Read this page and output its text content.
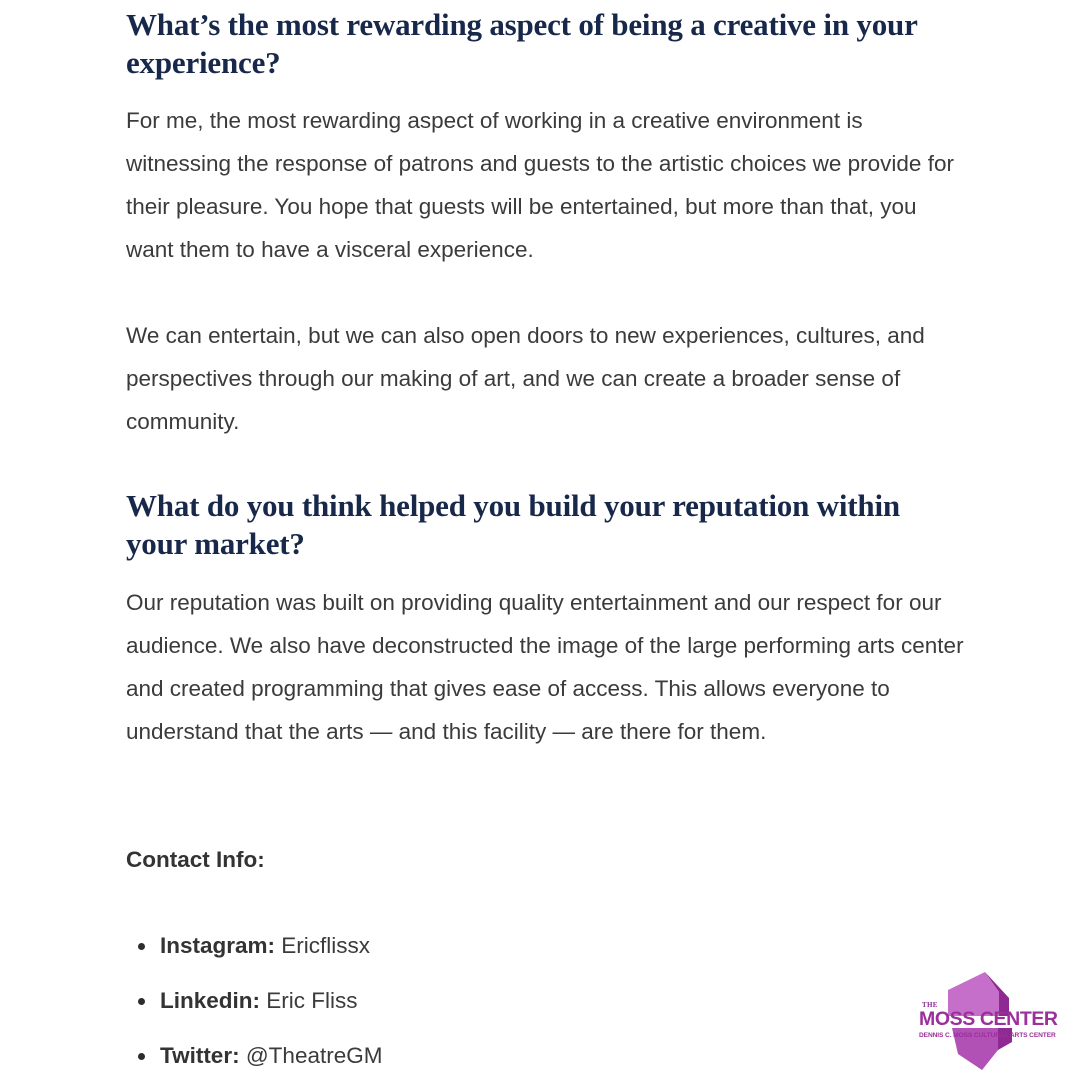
What’s the most rewarding aspect of being a creative in your experience?

For me, the most rewarding aspect of working in a creative environment is witnessing the response of patrons and guests to the artistic choices we provide for their pleasure. You hope that guests will be entertained, but more than that, you want them to have a visceral experience.

We can entertain, but we can also open doors to new experiences, cultures, and perspectives through our making of art, and we can create a broader sense of community.

What do you think helped you build your reputation within your market?

Our reputation was built on providing quality entertainment and our respect for our audience. We also have deconstructed the image of the large performing arts center and created programming that gives ease of access. This allows everyone to understand that the arts — and this facility — are there for them.

Contact Info:

Instagram: Ericflissx
Linkedin: Eric Fliss
Twitter: @TheatreGM
THE
MOSS CENTER
DENNIS C. MOSS CULTURAL ARTS CENTER
